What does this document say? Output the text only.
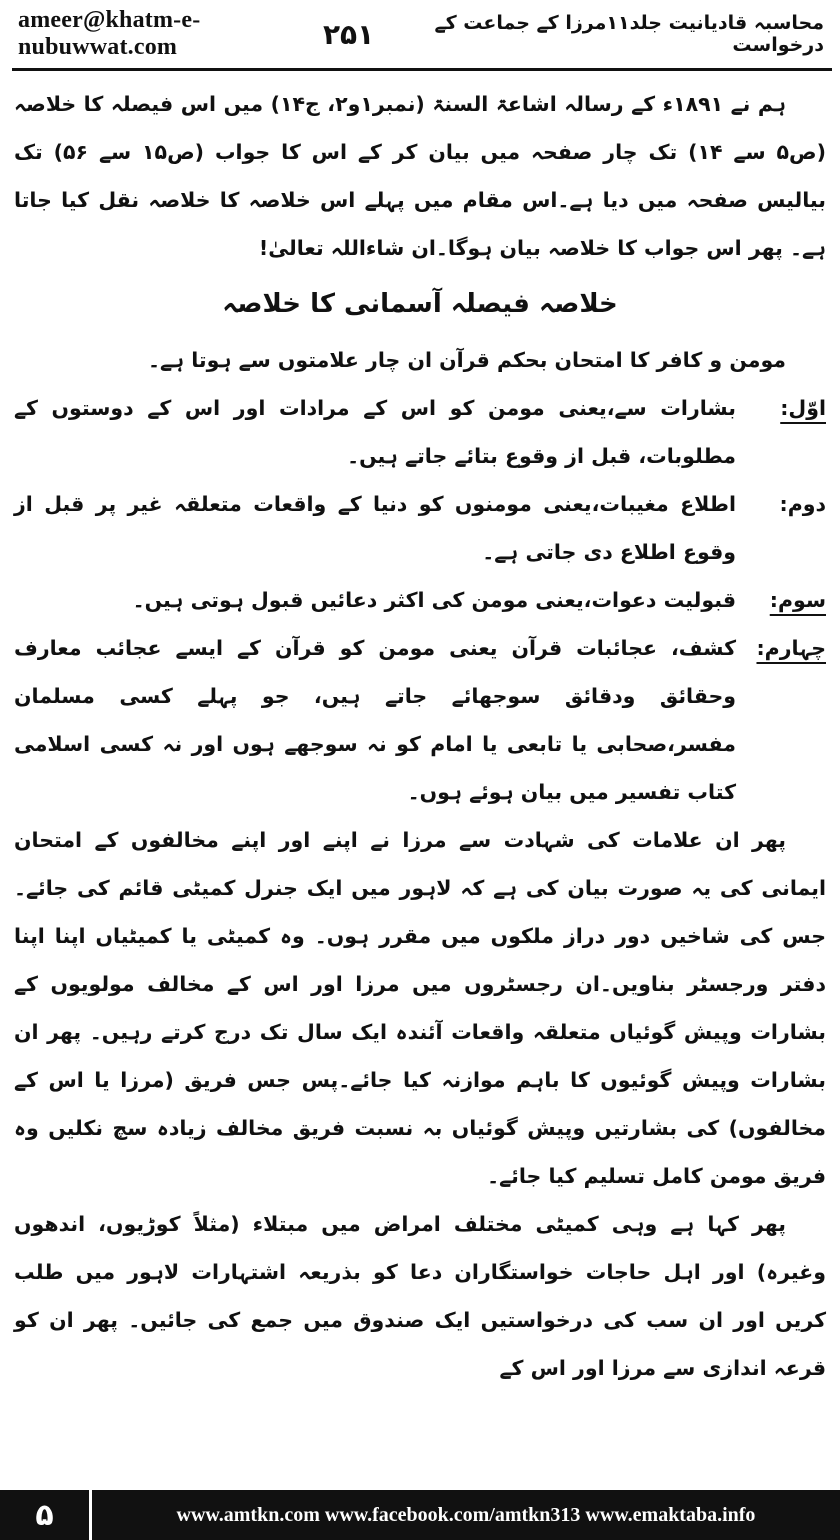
ameer@khatm-e-nubuwwat.com
محاسبہ قادیانیت جلد۱۱مرزا کے جماعت کے درخواست
۲۵۱

ہم نے ۱۸۹۱ء کے رسالہ اشاعۃ السنۃ (نمبر۱و۲، ج۱۴) میں اس فیصلہ کا خلاصہ (ص۵ سے ۱۴) تک چار صفحہ میں بیان کر کے اس کا جواب (ص۱۵ سے ۵۶) تک بیالیس صفحہ میں دیا ہے۔اس مقام میں پہلے اس خلاصہ کا خلاصہ نقل کیا جاتا ہے۔ پھر اس جواب کا خلاصہ بیان ہوگا۔ان شاءاللہ تعالیٰ!

خلاصہ فیصلہ آسمانی کا خلاصہ

مومن و کافر کا امتحان بحکم قرآن ان چار علامتوں سے ہوتا ہے۔

اوّل:
بشارات سے،یعنی مومن کو اس کے مرادات اور اس کے دوستوں کے مطلوبات، قبل از وقوع بتائے جاتے ہیں۔
دوم:
اطلاع مغیبات،یعنی مومنوں کو دنیا کے واقعات متعلقہ غیر پر قبل از وقوع اطلاع دی جاتی ہے۔
سوم:
قبولیت دعوات،یعنی مومن کی اکثر دعائیں قبول ہوتی ہیں۔
چہارم:
کشف، عجائبات قرآن یعنی مومن کو قرآن کے ایسے عجائب معارف وحقائق ودقائق سوجھائے جاتے ہیں، جو پہلے کسی مسلمان مفسر،صحابی یا تابعی یا امام کو نہ سوجھے ہوں اور نہ کسی اسلامی کتاب تفسیر میں بیان ہوئے ہوں۔

پھر ان علامات کی شہادت سے مرزا نے اپنے اور اپنے مخالفوں کے امتحان ایمانی کی یہ صورت بیان کی ہے کہ لاہور میں ایک جنرل کمیٹی قائم کی جائے۔جس کی شاخیں دور دراز ملکوں میں مقرر ہوں۔ وہ کمیٹی یا کمیٹیاں اپنا اپنا دفتر ورجسٹر بناویں۔ان رجسٹروں میں مرزا اور اس کے مخالف مولویوں کے بشارات وپیش گوئیاں متعلقہ واقعات آئندہ ایک سال تک درج کرتے رہیں۔ پھر ان بشارات وپیش گوئیوں کا باہم موازنہ کیا جائے۔پس جس فریق (مرزا یا اس کے مخالفوں) کی بشارتیں وپیش گوئیاں بہ نسبت فریق مخالف زیادہ سچ نکلیں وہ فریق مومن کامل تسلیم کیا جائے۔

پھر کہا ہے وہی کمیٹی مختلف امراض میں مبتلاء (مثلاً کوڑیوں، اندھوں وغیرہ) اور اہل حاجات خواستگاران دعا کو بذریعہ اشتہارات لاہور میں طلب کریں اور ان سب کی درخواستیں ایک صندوق میں جمع کی جائیں۔ پھر ان کو قرعہ اندازی سے مرزا اور اس کے

۵	www.amtkn.com www.facebook.com/amtkn313 www.emaktaba.info
